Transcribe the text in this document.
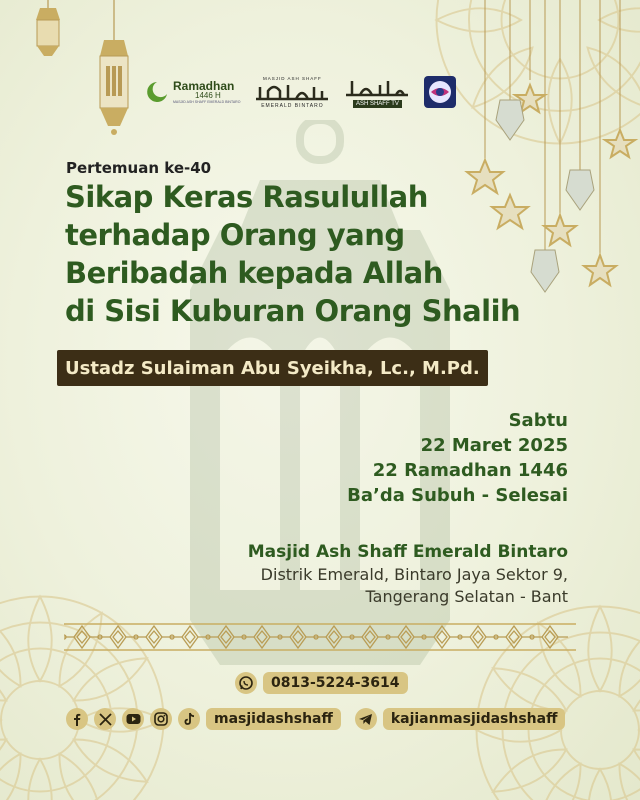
Ramadhan
1446 H
MASJID ASH SHAFF EMERALD BINTARO
MASJID ASH SHAFF
EMERALD BINTARO	ASH SHAFF TV
Pertemuan ke-40
Sikap Keras Rasulullah
terhadap Orang yang
Beribadah kepada Allah
di Sisi Kuburan Orang Shalih
Ustadz Sulaiman Abu Syeikha, Lc., M.Pd.
Sabtu
22 Maret 2025
22 Ramadhan 1446
Ba’da Subuh - Selesai
Masjid Ash Shaff Emerald Bintaro
Distrik Emerald, Bintaro Jaya Sektor 9,
Tangerang Selatan - Bant
0813-5224-3614
masjidashshaff	kajianmasjidashshaff
